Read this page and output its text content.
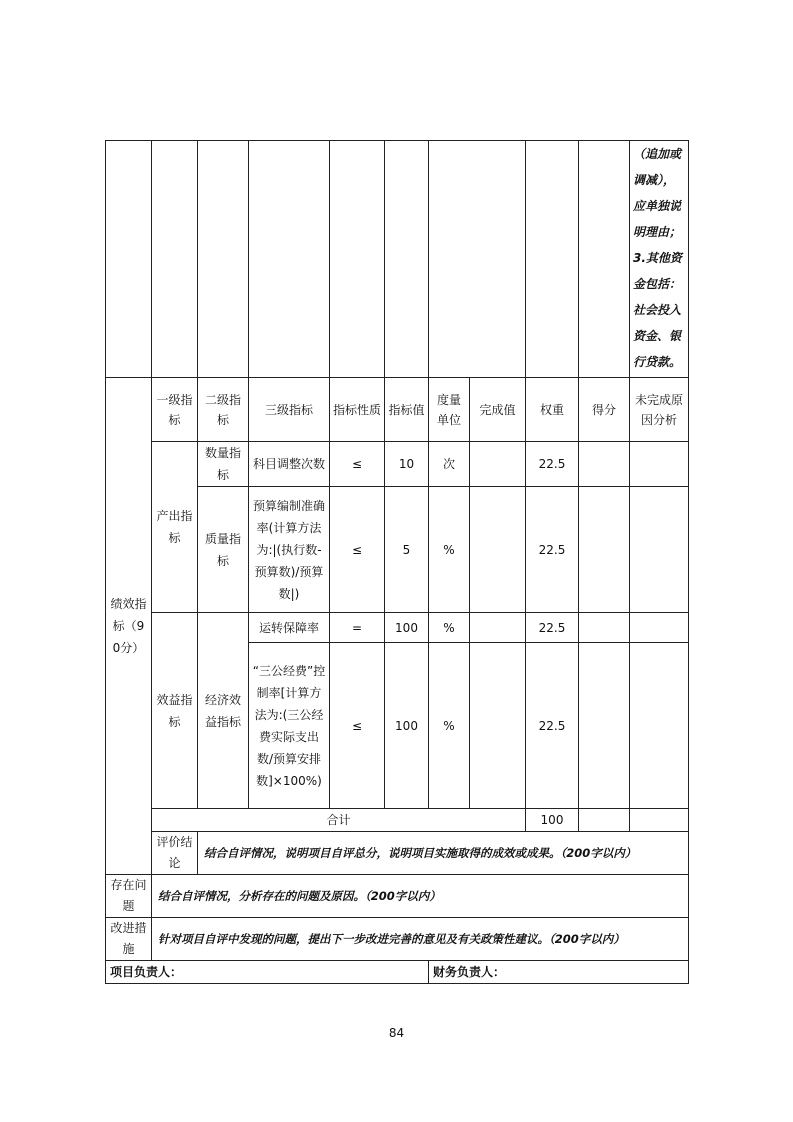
										（追加或调减），应单独说明理由；3.其他资金包括：社会投入资金、银行贷款。
绩效指标（90分）	一级指标	二级指标	三级指标	指标性质	指标值	度量单位	完成值	权重	得分	未完成原因分析
	产出指标	数量指标	科目调整次数	≤	10	次		22.5		
		质量指标	预算编制准确率(计算方法为:|(执行数-预算数)/预算数|)	≤	5	%		22.5		
	效益指标	经济效益指标	运转保障率	=	100	%		22.5		
			“三公经费”控制率[计算方法为:(三公经费实际支出数/预算安排数]×100%)	≤	100	%		22.5		
	合计							100		
	评价结论	结合自评情况，说明项目自评总分，说明项目实施取得的成效或成果。（200字以内）								
存在问题	结合自评情况，分析存在的问题及原因。（200字以内）									
改进措施	针对项目自评中发现的问题，提出下一步改进完善的意见及有关政策性建议。（200字以内）									
项目负责人：						财务负责人：				
84
